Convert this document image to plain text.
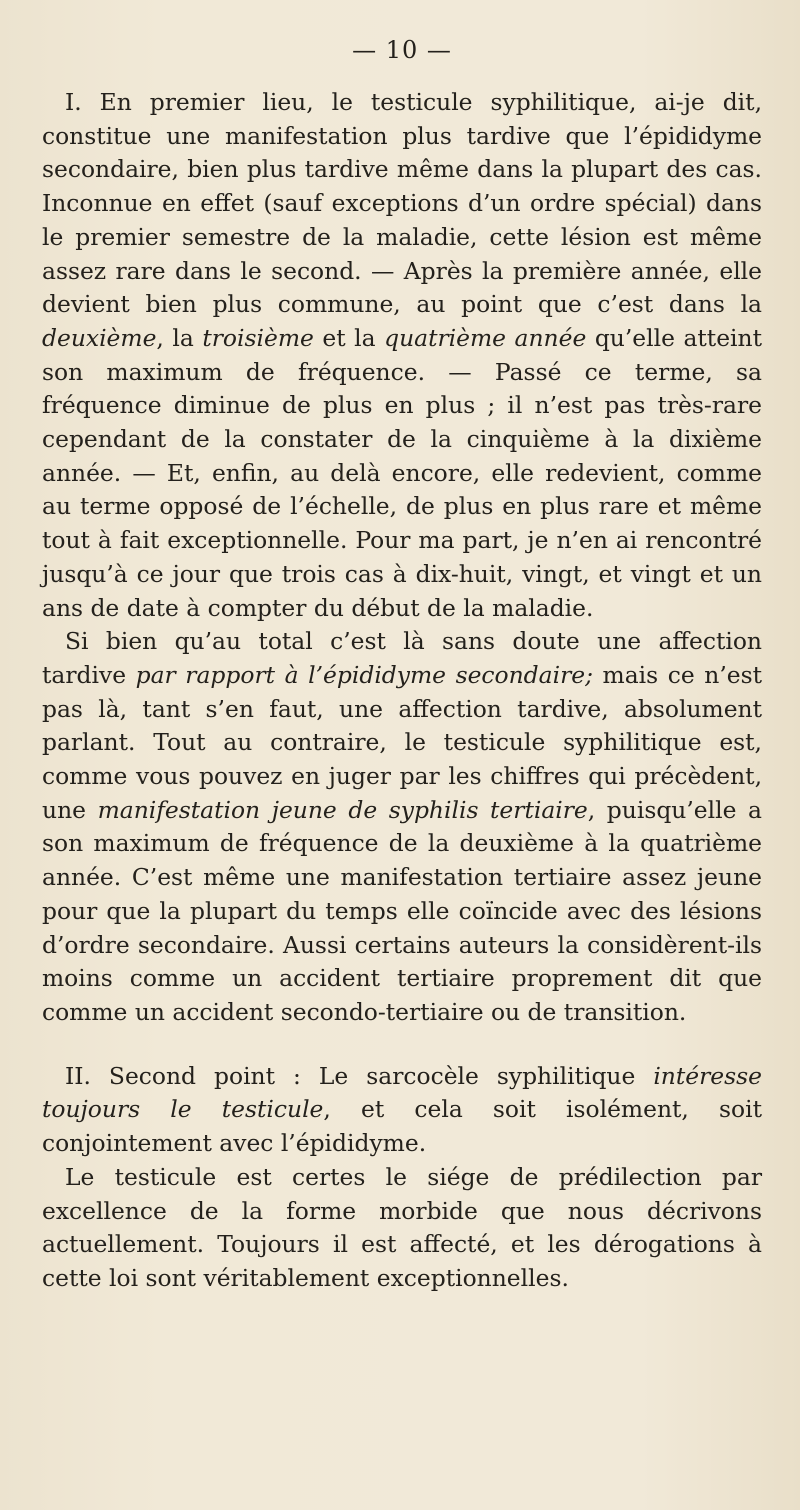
— 10 —

I. En premier lieu, le testicule syphilitique, ai-je dit, constitue une manifestation plus tardive que l’épididyme secondaire, bien plus tardive même dans la plupart des cas. Inconnue en effet (sauf exceptions d’un ordre spécial) dans le premier semestre de la maladie, cette lésion est même assez rare dans le second. — Après la première année, elle devient bien plus commune, au point que c’est dans la deuxième, la troisième et la quatrième année qu’elle atteint son maximum de fréquence. — Passé ce terme, sa fréquence diminue de plus en plus ; il n’est pas très-rare cependant de la constater de la cinquième à la dixième année. — Et, enfin, au delà encore, elle redevient, comme au terme opposé de l’échelle, de plus en plus rare et même tout à fait exceptionnelle. Pour ma part, je n’en ai rencontré jusqu’à ce jour que trois cas à dix-huit, vingt, et vingt et un ans de date à compter du début de la maladie.

Si bien qu’au total c’est là sans doute une affection tardive par rapport à l’épididyme secondaire; mais ce n’est pas là, tant s’en faut, une affection tardive, absolument parlant. Tout au contraire, le testicule syphilitique est, comme vous pouvez en juger par les chiffres qui précèdent, une manifestation jeune de syphilis tertiaire, puisqu’elle a son maximum de fréquence de la deuxième à la quatrième année. C’est même une manifestation tertiaire assez jeune pour que la plupart du temps elle coïncide avec des lésions d’ordre secondaire. Aussi certains auteurs la considèrent-ils moins comme un accident tertiaire proprement dit que comme un accident secondo-tertiaire ou de transition.

II. Second point : Le sarcocèle syphilitique intéresse toujours le testicule, et cela soit isolément, soit conjointement avec l’épididyme.

Le testicule est certes le siége de prédilection par excellence de la forme morbide que nous décrivons actuellement. Toujours il est affecté, et les dérogations à cette loi sont véritablement exceptionnelles.
